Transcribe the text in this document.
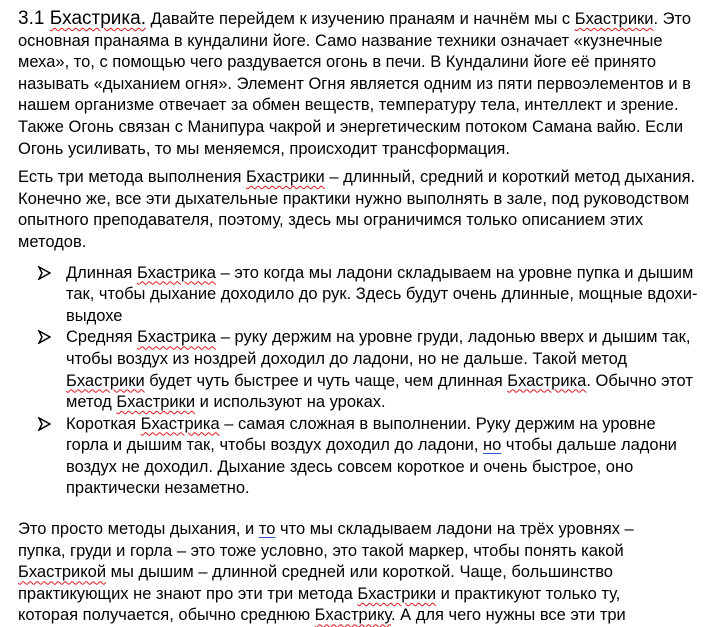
3.1 Бхастрика. Давайте перейдем к изучению пранаям и начнём мы с Бхастрики. Это
основная пранаяма в кундалини йоге. Само название техники означает «кузнечные
меха», то, с помощью чего раздувается огонь в печи. В Кундалини йоге её принято
называть «дыханием огня». Элемент Огня является одним из пяти первоэлементов и в
нашем организме отвечает за обмен веществ, температуру тела, интеллект и зрение.
Также Огонь связан с Манипура чакрой и энергетическим потоком Самана вайю. Если
Огонь усиливать, то мы меняемся, происходит трансформация.

Есть три метода выполнения Бхастрики – длинный, средний и короткий метод дыхания.
Конечно же, все эти дыхательные практики нужно выполнять в зале, под руководством
опытного преподавателя, поэтому, здесь мы ограничимся только описанием этих
методов.

Длинная Бхастрика – это когда мы ладони складываем на уровне пупка и дышим
так, чтобы дыхание доходило до рук. Здесь будут очень длинные, мощные вдохи-
выдохе
Средняя Бхастрика – руку держим на уровне груди, ладонью вверх и дышим так,
чтобы воздух из ноздрей доходил до ладони, но не дальше. Такой метод
Бхастрики будет чуть быстрее и чуть чаще, чем длинная Бхастрика. Обычно этот
метод Бхастрики и используют на уроках.
Короткая Бхастрика – самая сложная в выполнении. Руку держим на уровне
горла и дышим так, чтобы воздух доходил до ладони, но чтобы дальше ладони
воздух не доходил. Дыхание здесь совсем короткое и очень быстрое, оно
практически незаметно.

Это просто методы дыхания, и то что мы складываем ладони на трёх уровнях –
пупка, груди и горла – это тоже условно, это такой маркер, чтобы понять какой
Бхастрикой мы дышим – длинной средней или короткой. Чаще, большинство
практикующих не знают про эти три метода Бхастрики и практикуют только ту,
которая получается, обычно среднюю Бхастрику. А для чего нужны все эти три
